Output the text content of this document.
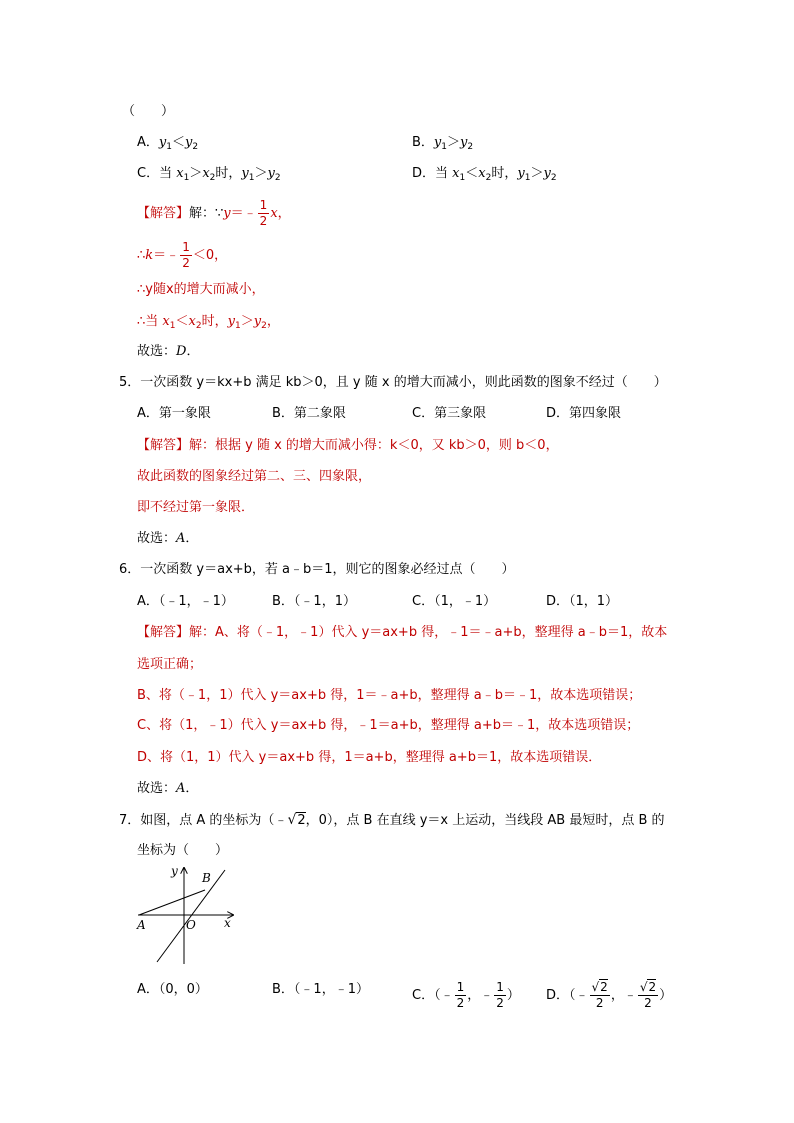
（　　）
A．$y_1<y_2$	B．$y_1>y_2$
C．当 $x_1>x_2$时，$y_1>y_2$	D．当 $x_1<x_2$时，$y_1>y_2$
【解答】解：∵y＝﹣ $\frac{1}{2}$ x，
∴k＝﹣ $\frac{1}{2} <0$，
∴y随x的增大而减小，
∴当 $x_1<x_2$时，$y_1>y_2$，
故选：D．
5．一次函数 y＝kx+b 满足 kb＞0，且 y 随 x 的增大而减小，则此函数的图象不经过（　　）
A．第一象限	B．第二象限	C．第三象限	D．第四象限
【解答】解：根据 y 随 x 的增大而减小得：k＜0，又 kb＞0，则 b＜0，
故此函数的图象经过第二、三、四象限，
即不经过第一象限．
故选：A．
6．一次函数 y＝ax+b，若 a﹣b＝1，则它的图象必经过点（　　）
A．（﹣1，﹣1）	B．（﹣1，1）	C．（1，﹣1）	D．（1，1）
【解答】解：A、将（﹣1，﹣1）代入 y＝ax+b 得，﹣1＝﹣a+b，整理得 a﹣b＝1，故本
选项正确；
B、将（﹣1，1）代入 y＝ax+b 得，1＝﹣a+b，整理得 a﹣b＝﹣1，故本选项错误；
C、将（1，﹣1）代入 y＝ax+b 得，﹣1＝a+b，整理得 a+b＝﹣1，故本选项错误；
D、将（1，1）代入 y＝ax+b 得，1＝a+b，整理得 a+b＝1，故本选项错误．
故选：A．
7．如图，点 A 的坐标为（﹣√2，0），点 B 在直线 y＝x 上运动，当线段 AB 最短时，点 B 的
坐标为（　　）
y
x
A	O
B
A．（0，0）	B．（﹣1，﹣1）	C．（﹣ $\frac{1}{2}$ ，﹣ $\frac{1}{2}$ ） D．（﹣ $\frac{√2}{2}$ ，﹣ $\frac{√2}{2}$ ）
